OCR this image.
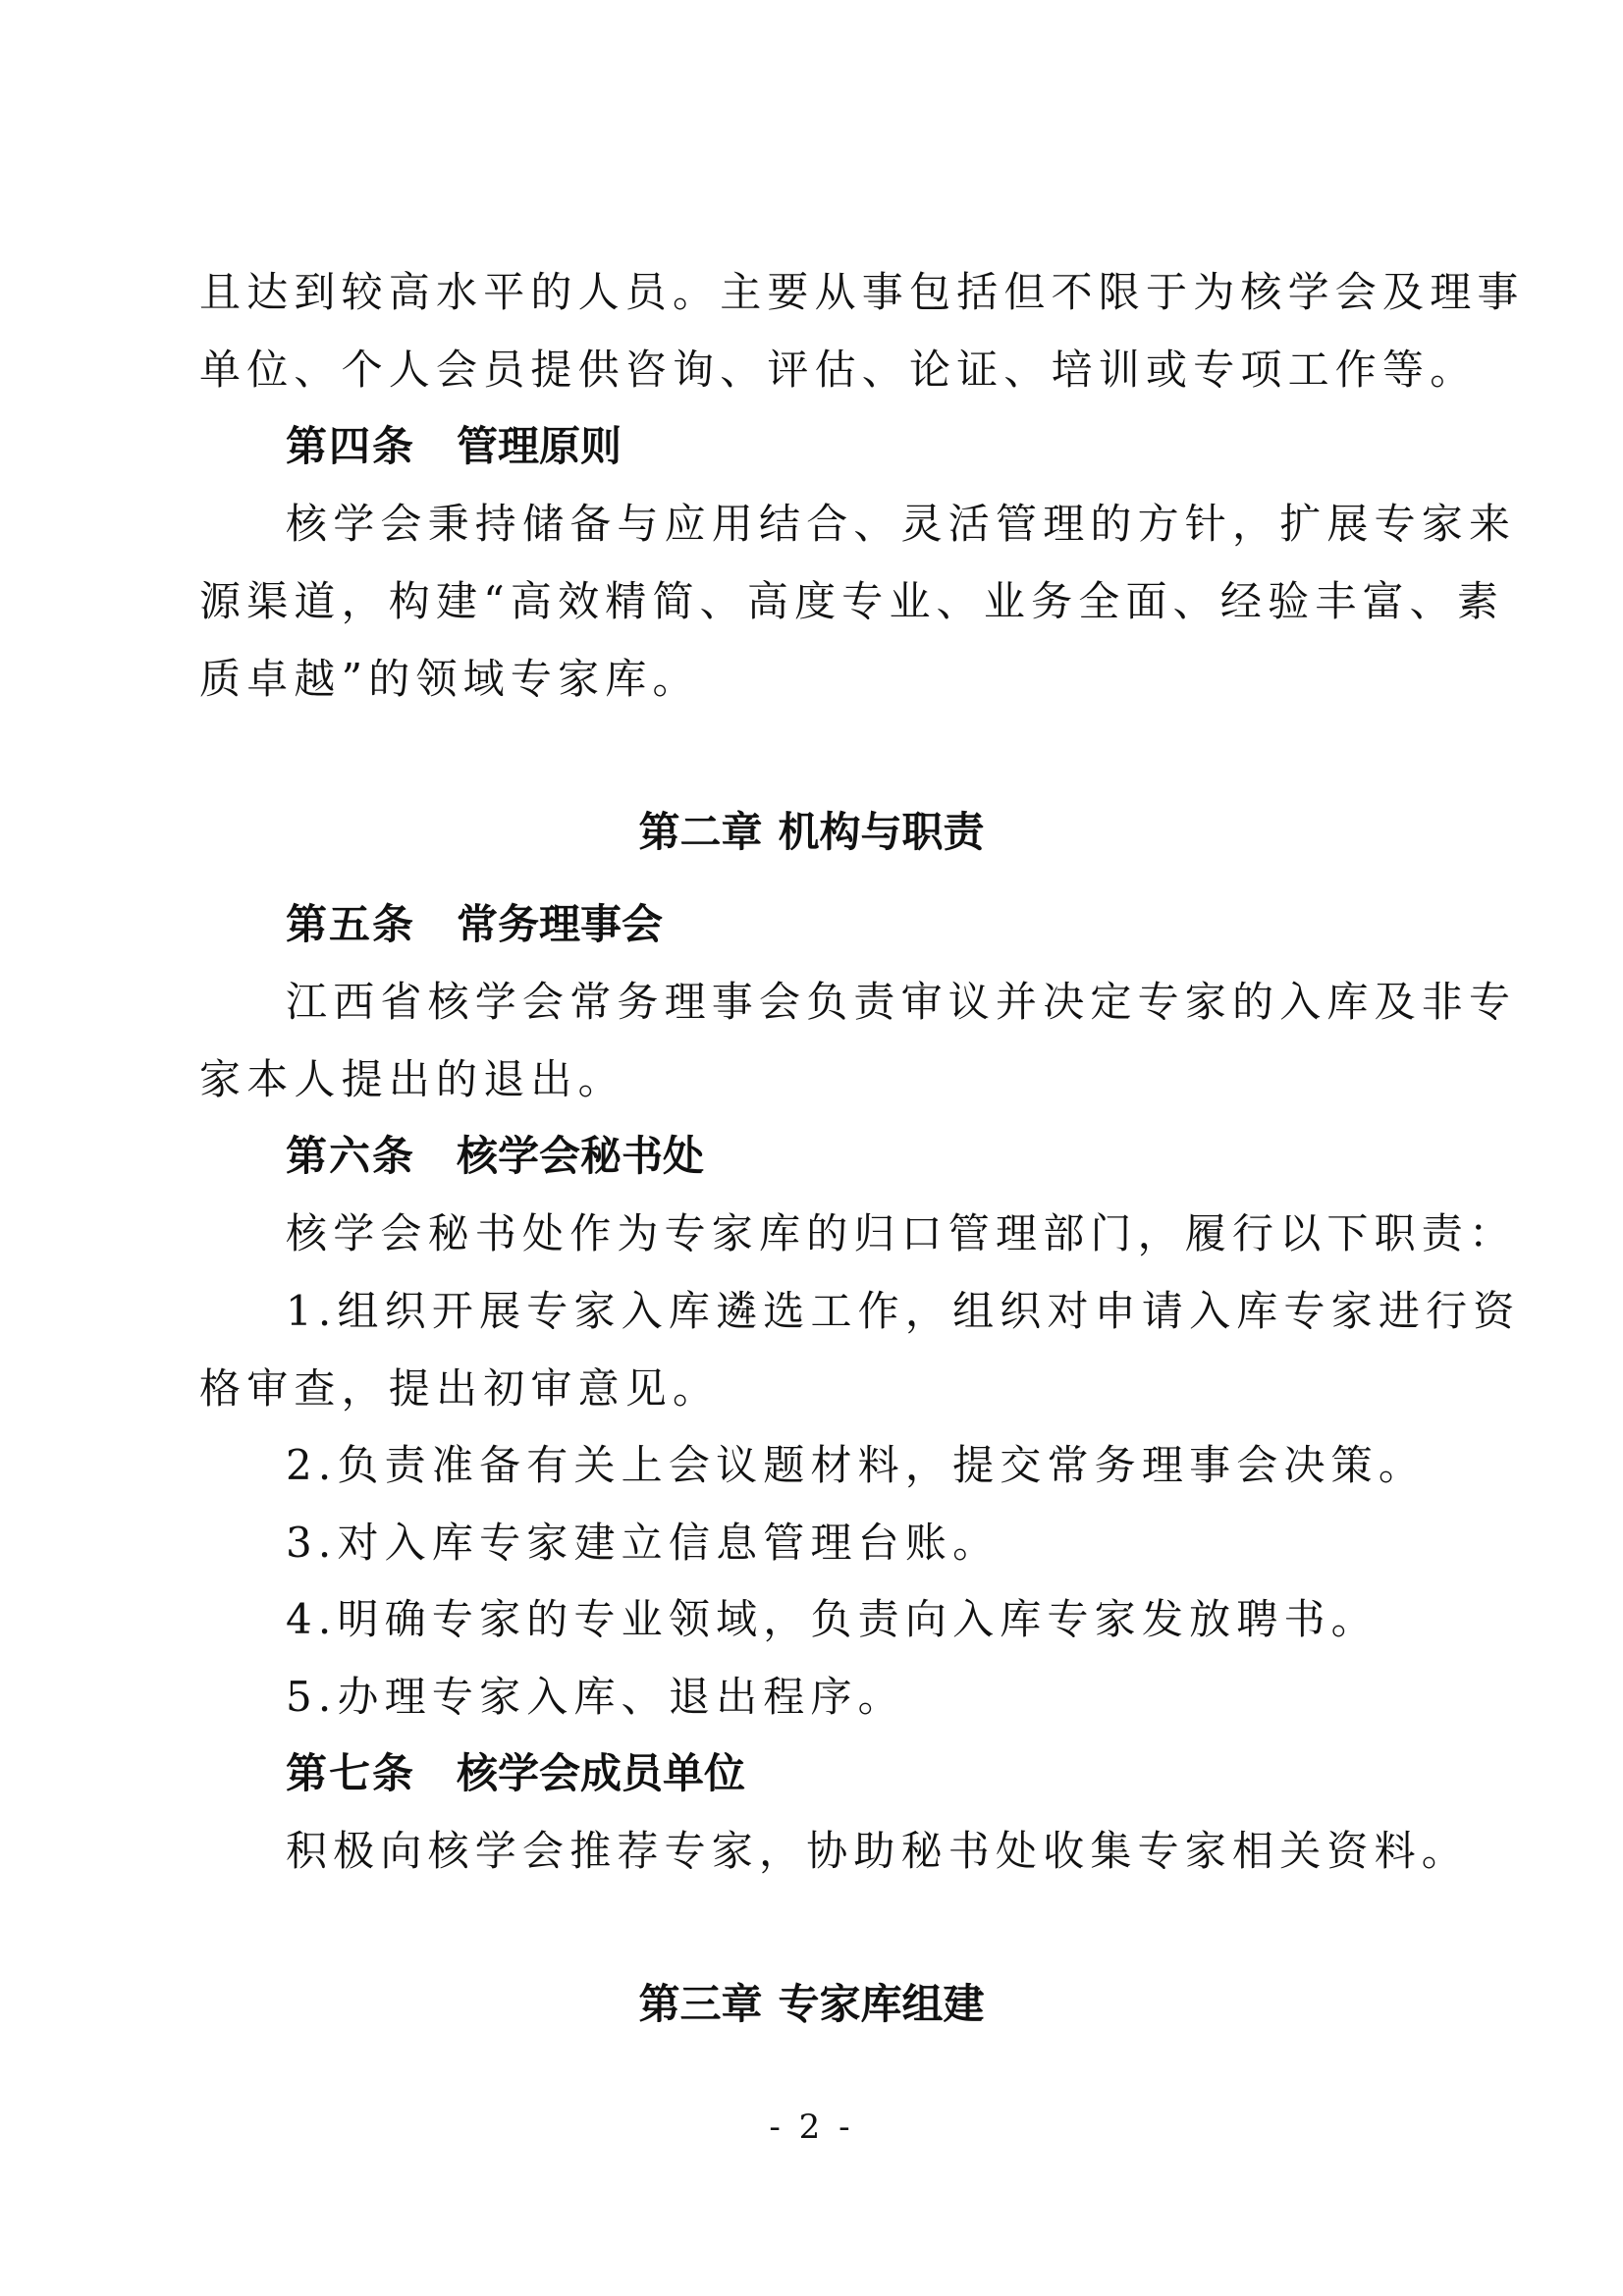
且达到较高水平的人员。主要从事包括但不限于为核学会及理事
单位、个人会员提供咨询、评估、论证、培训或专项工作等。
第四条 管理原则
核学会秉持储备与应用结合、灵活管理的方针，扩展专家来
源渠道，构建“高效精简、高度专业、业务全面、经验丰富、素
质卓越”的领域专家库。
第二章 机构与职责
第五条 常务理事会
江西省核学会常务理事会负责审议并决定专家的入库及非专
家本人提出的退出。
第六条 核学会秘书处
核学会秘书处作为专家库的归口管理部门，履行以下职责：
1.组织开展专家入库遴选工作，组织对申请入库专家进行资
格审查，提出初审意见。
2.负责准备有关上会议题材料，提交常务理事会决策。
3.对入库专家建立信息管理台账。
4.明确专家的专业领域，负责向入库专家发放聘书。
5.办理专家入库、退出程序。
第七条 核学会成员单位
积极向核学会推荐专家，协助秘书处收集专家相关资料。
第三章 专家库组建
- 2 -
